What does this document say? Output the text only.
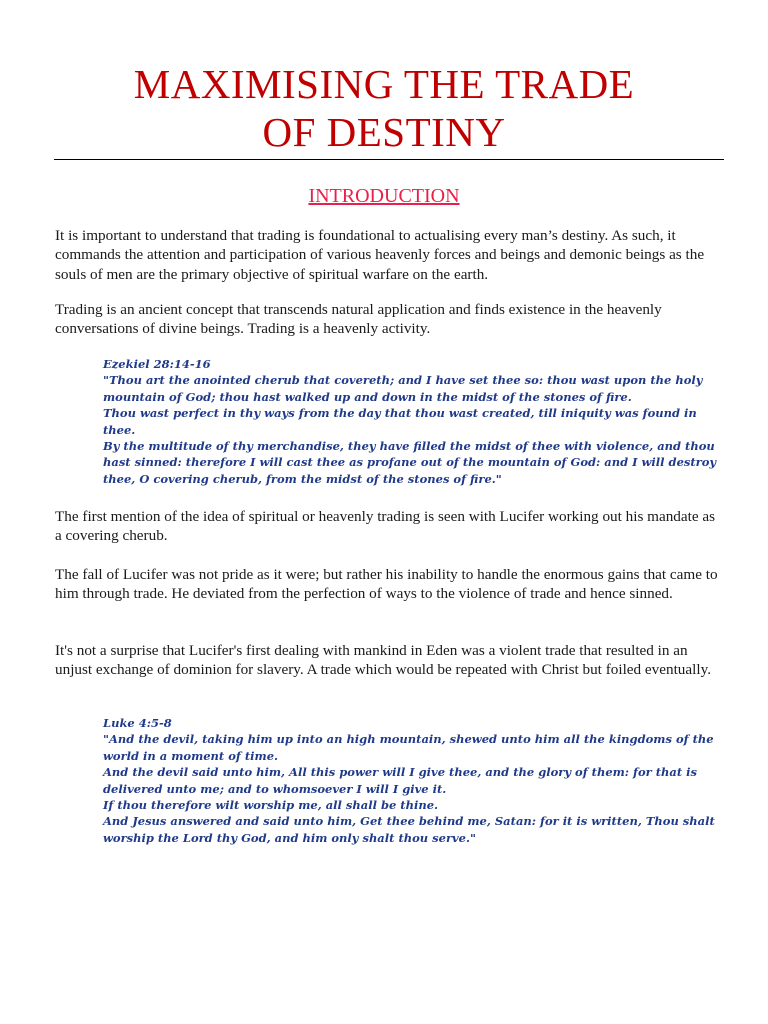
MAXIMISING THE TRADE
OF DESTINY
INTRODUCTION
It is important to understand that trading is foundational to actualising every man’s destiny. As such, it commands the attention and participation of various heavenly forces and beings and demonic beings as the souls of men are the primary objective of spiritual warfare on the earth.
Trading is an ancient concept that transcends natural application and finds existence in the heavenly conversations of divine beings. Trading is a heavenly activity.
Ezekiel 28:14-16
"Thou art the anointed cherub that covereth; and I have set thee so: thou wast upon the holy mountain of God; thou hast walked up and down in the midst of the stones of fire.
Thou wast perfect in thy ways from the day that thou wast created, till iniquity was found in thee.
By the multitude of thy merchandise, they have filled the midst of thee with violence, and thou hast sinned: therefore I will cast thee as profane out of the mountain of God: and I will destroy thee, O covering cherub, from the midst of the stones of fire."
The first mention of the idea of spiritual or heavenly trading is seen with Lucifer working out his mandate as a covering cherub.
The fall of Lucifer was not pride as it were; but rather his inability to handle the enormous gains that came to him through trade. He deviated from the perfection of ways to the violence of trade and hence sinned.
It's not a surprise that Lucifer's first dealing with mankind in Eden was a violent trade that resulted in an unjust exchange of dominion for slavery. A trade which would be repeated with Christ but foiled eventually.
Luke 4:5-8
"And the devil, taking him up into an high mountain, shewed unto him all the kingdoms of the world in a moment of time.
And the devil said unto him, All this power will I give thee, and the glory of them: for that is delivered unto me; and to whomsoever I will I give it.
If thou therefore wilt worship me, all shall be thine.
And Jesus answered and said unto him, Get thee behind me, Satan: for it is written, Thou shalt worship the Lord thy God, and him only shalt thou serve."
